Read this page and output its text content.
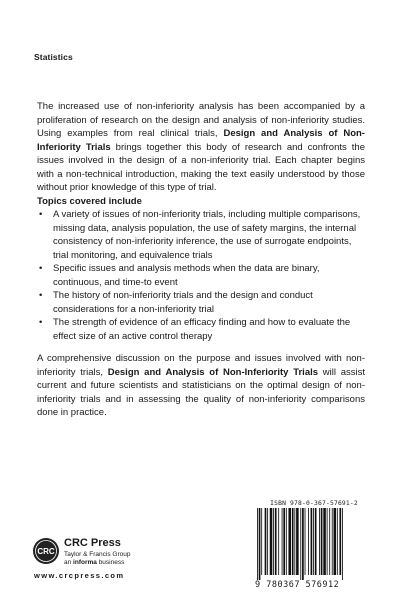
Statistics

The increased use of non-inferiority analysis has been accompanied by a proliferation of research on the design and analysis of non-inferiority studies. Using examples from real clinical trials, Design and Analysis of Non-Inferiority Trials brings together this body of research and confronts the issues involved in the design of a non-inferiority trial. Each chapter begins with a non-technical introduction, making the text easily understood by those without prior knowledge of this type of trial.

Topics covered include

• A variety of issues of non-inferiority trials, including multiple comparisons, missing data, analysis population, the use of safety margins, the internal consistency of non-inferiority inference, the use of surrogate endpoints, trial monitoring, and equivalence trials
• Specific issues and analysis methods when the data are binary, continuous, and time-to event
• The history of non-inferiority trials and the design and conduct considerations for a non-inferiority trial
• The strength of evidence of an efficacy finding and how to evaluate the effect size of an active control therapy

A comprehensive discussion on the purpose and issues involved with non-inferiority trials, Design and Analysis of Non-Inferiority Trials will assist current and future scientists and statisticians on the optimal design of non-inferiority trials and in assessing the quality of non-inferiority comparisons done in practice.

CRC
CRC Press
Taylor & Francis Group
an informa business
www.crcpress.com
ISBN 978-0-367-57691-2
9 780367 576912
